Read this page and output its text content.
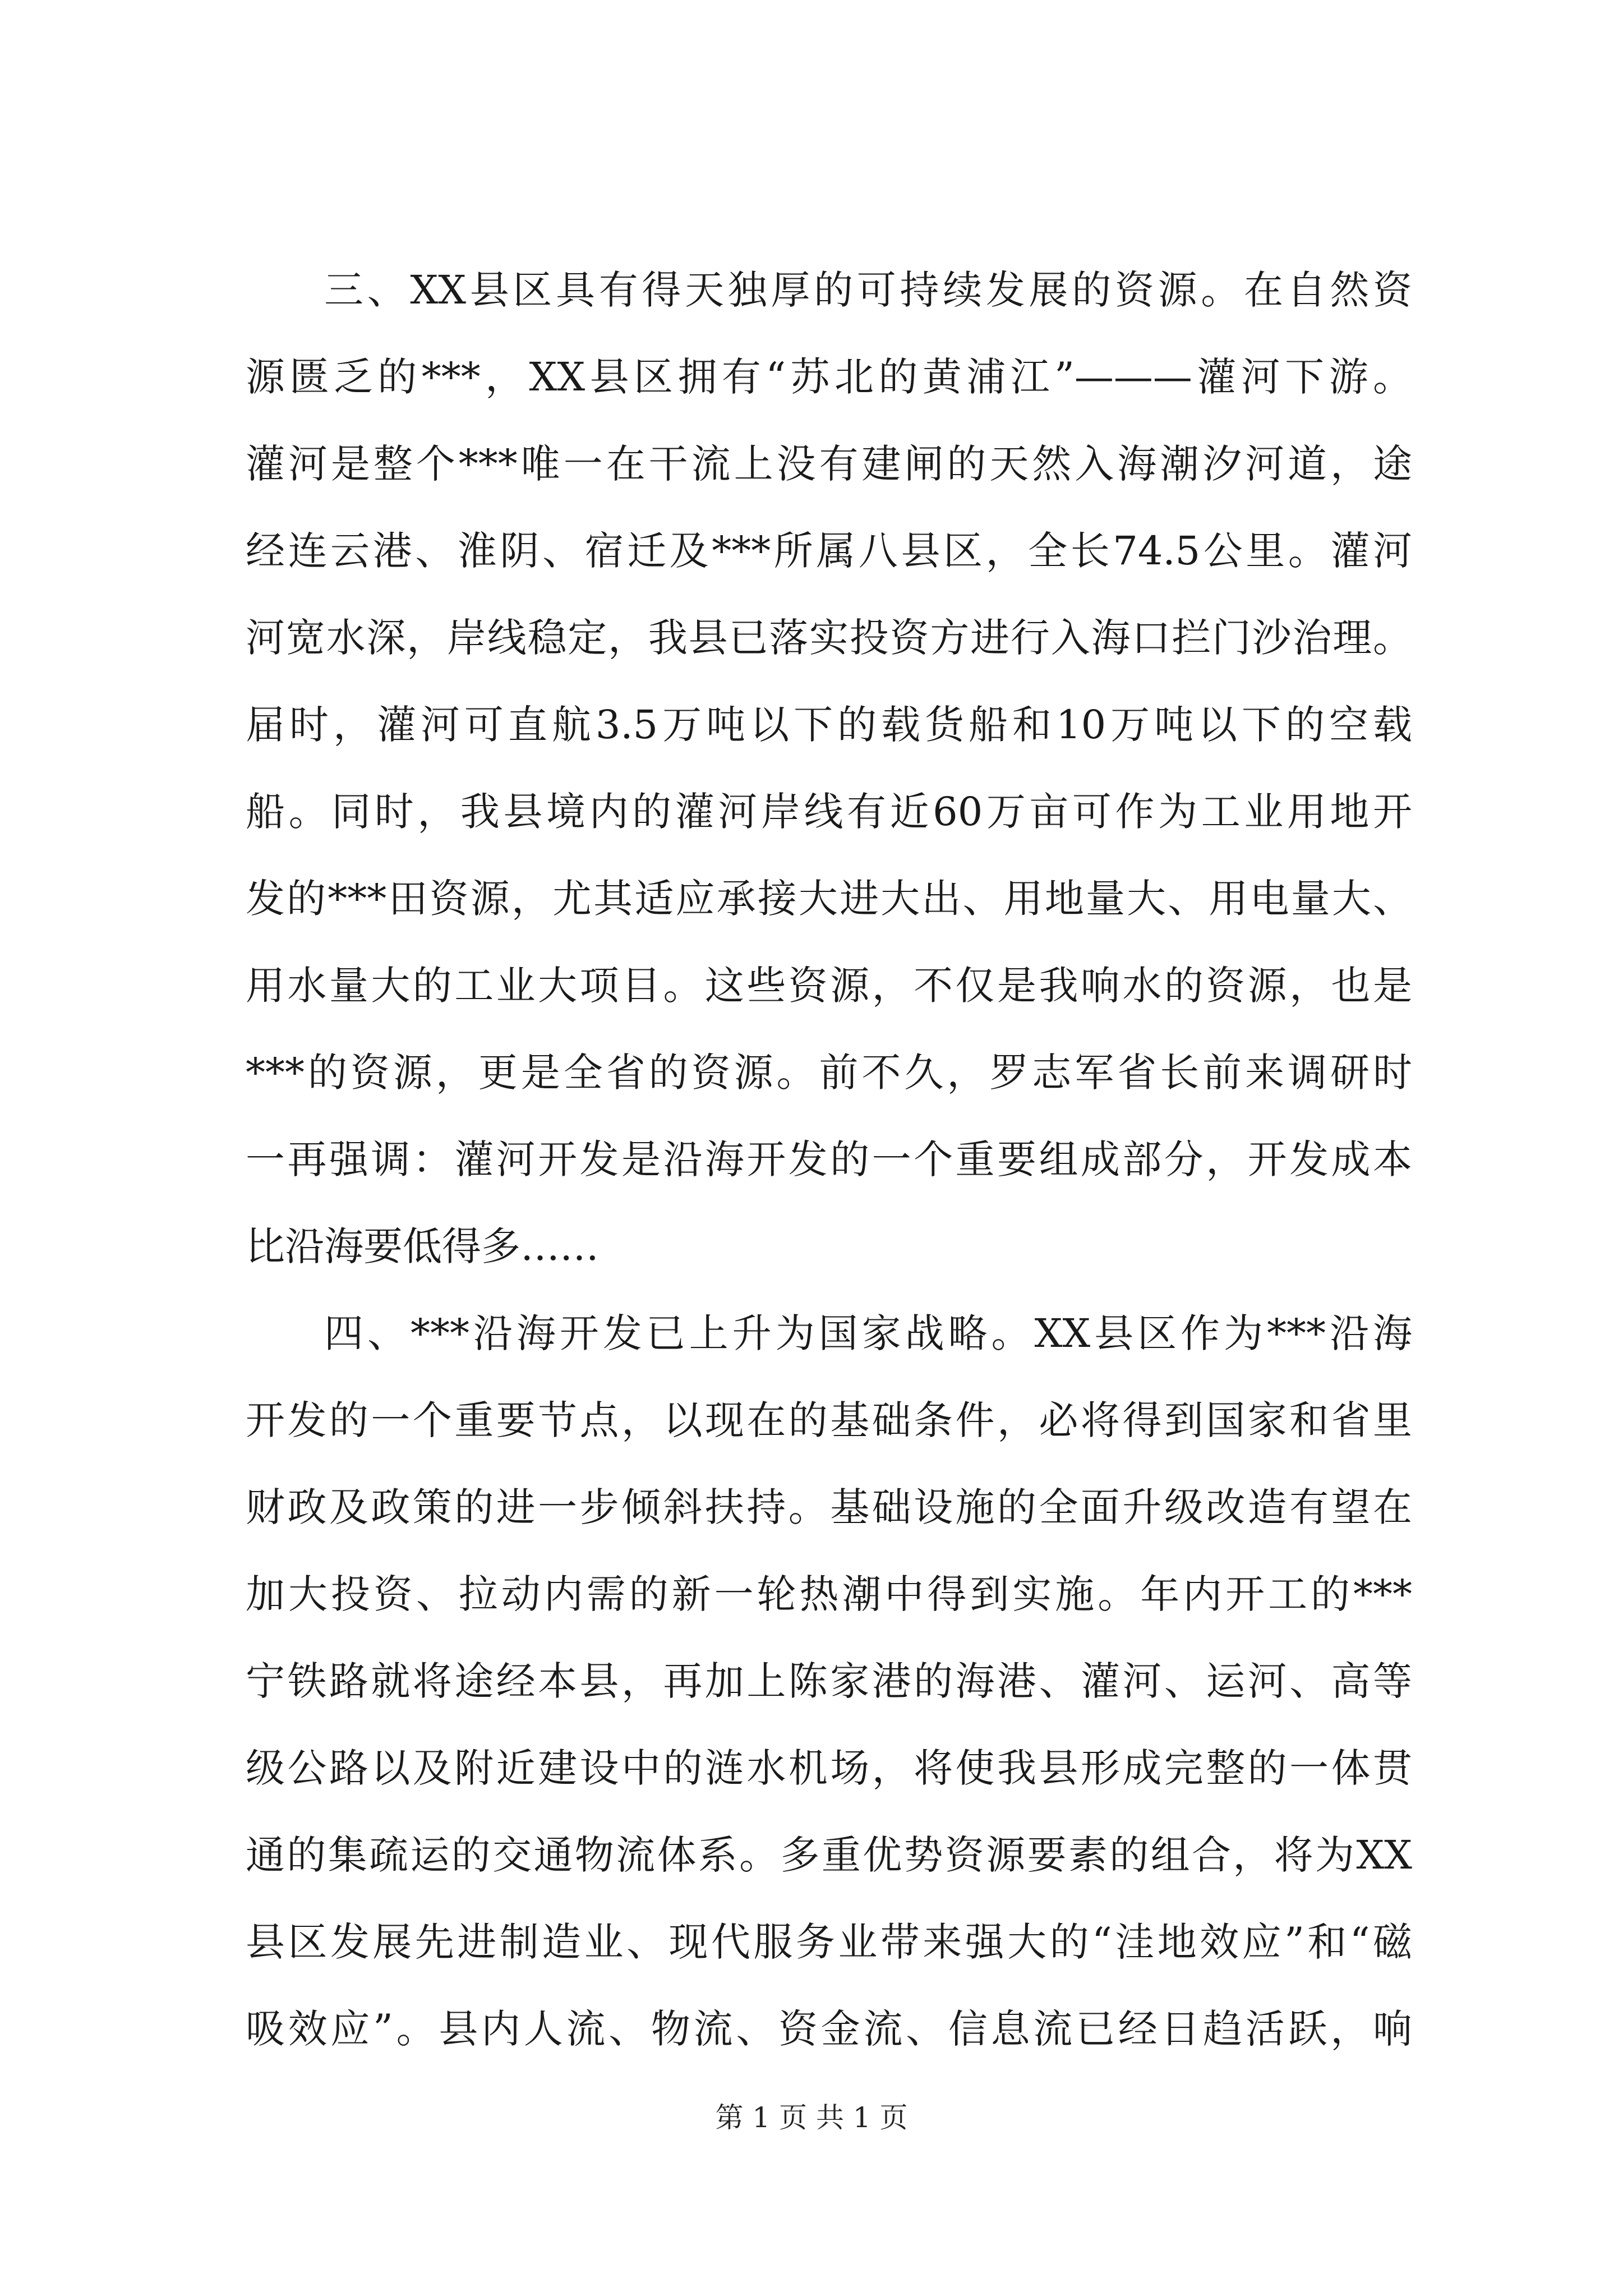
三、XX县区具有得天独厚的可持续发展的资源。在自然资
源匮乏的***，XX县区拥有“苏北的黄浦江”———灌河下游。
灌河是整个***唯一在干流上没有建闸的天然入海潮汐河道，途
经连云港、淮阴、宿迁及***所属八县区，全长74.5公里。灌河
河宽水深，岸线稳定，我县已落实投资方进行入海口拦门沙治理。
届时，灌河可直航3.5万吨以下的载货船和10万吨以下的空载
船。同时，我县境内的灌河岸线有近60万亩可作为工业用地开
发的***田资源，尤其适应承接大进大出、用地量大、用电量大、
用水量大的工业大项目。这些资源，不仅是我响水的资源，也是
***的资源，更是全省的资源。前不久，罗志军省长前来调研时
一再强调：灌河开发是沿海开发的一个重要组成部分，开发成本
比沿海要低得多……
四、***沿海开发已上升为国家战略。XX县区作为***沿海
开发的一个重要节点，以现在的基础条件，必将得到国家和省里
财政及政策的进一步倾斜扶持。基础设施的全面升级改造有望在
加大投资、拉动内需的新一轮热潮中得到实施。年内开工的***
宁铁路就将途经本县，再加上陈家港的海港、灌河、运河、高等
级公路以及附近建设中的涟水机场，将使我县形成完整的一体贯
通的集疏运的交通物流体系。多重优势资源要素的组合，将为XX
县区发展先进制造业、现代服务业带来强大的“洼地效应”和“磁
吸效应”。县内人流、物流、资金流、信息流已经日趋活跃，响
第 1 页 共 1 页
